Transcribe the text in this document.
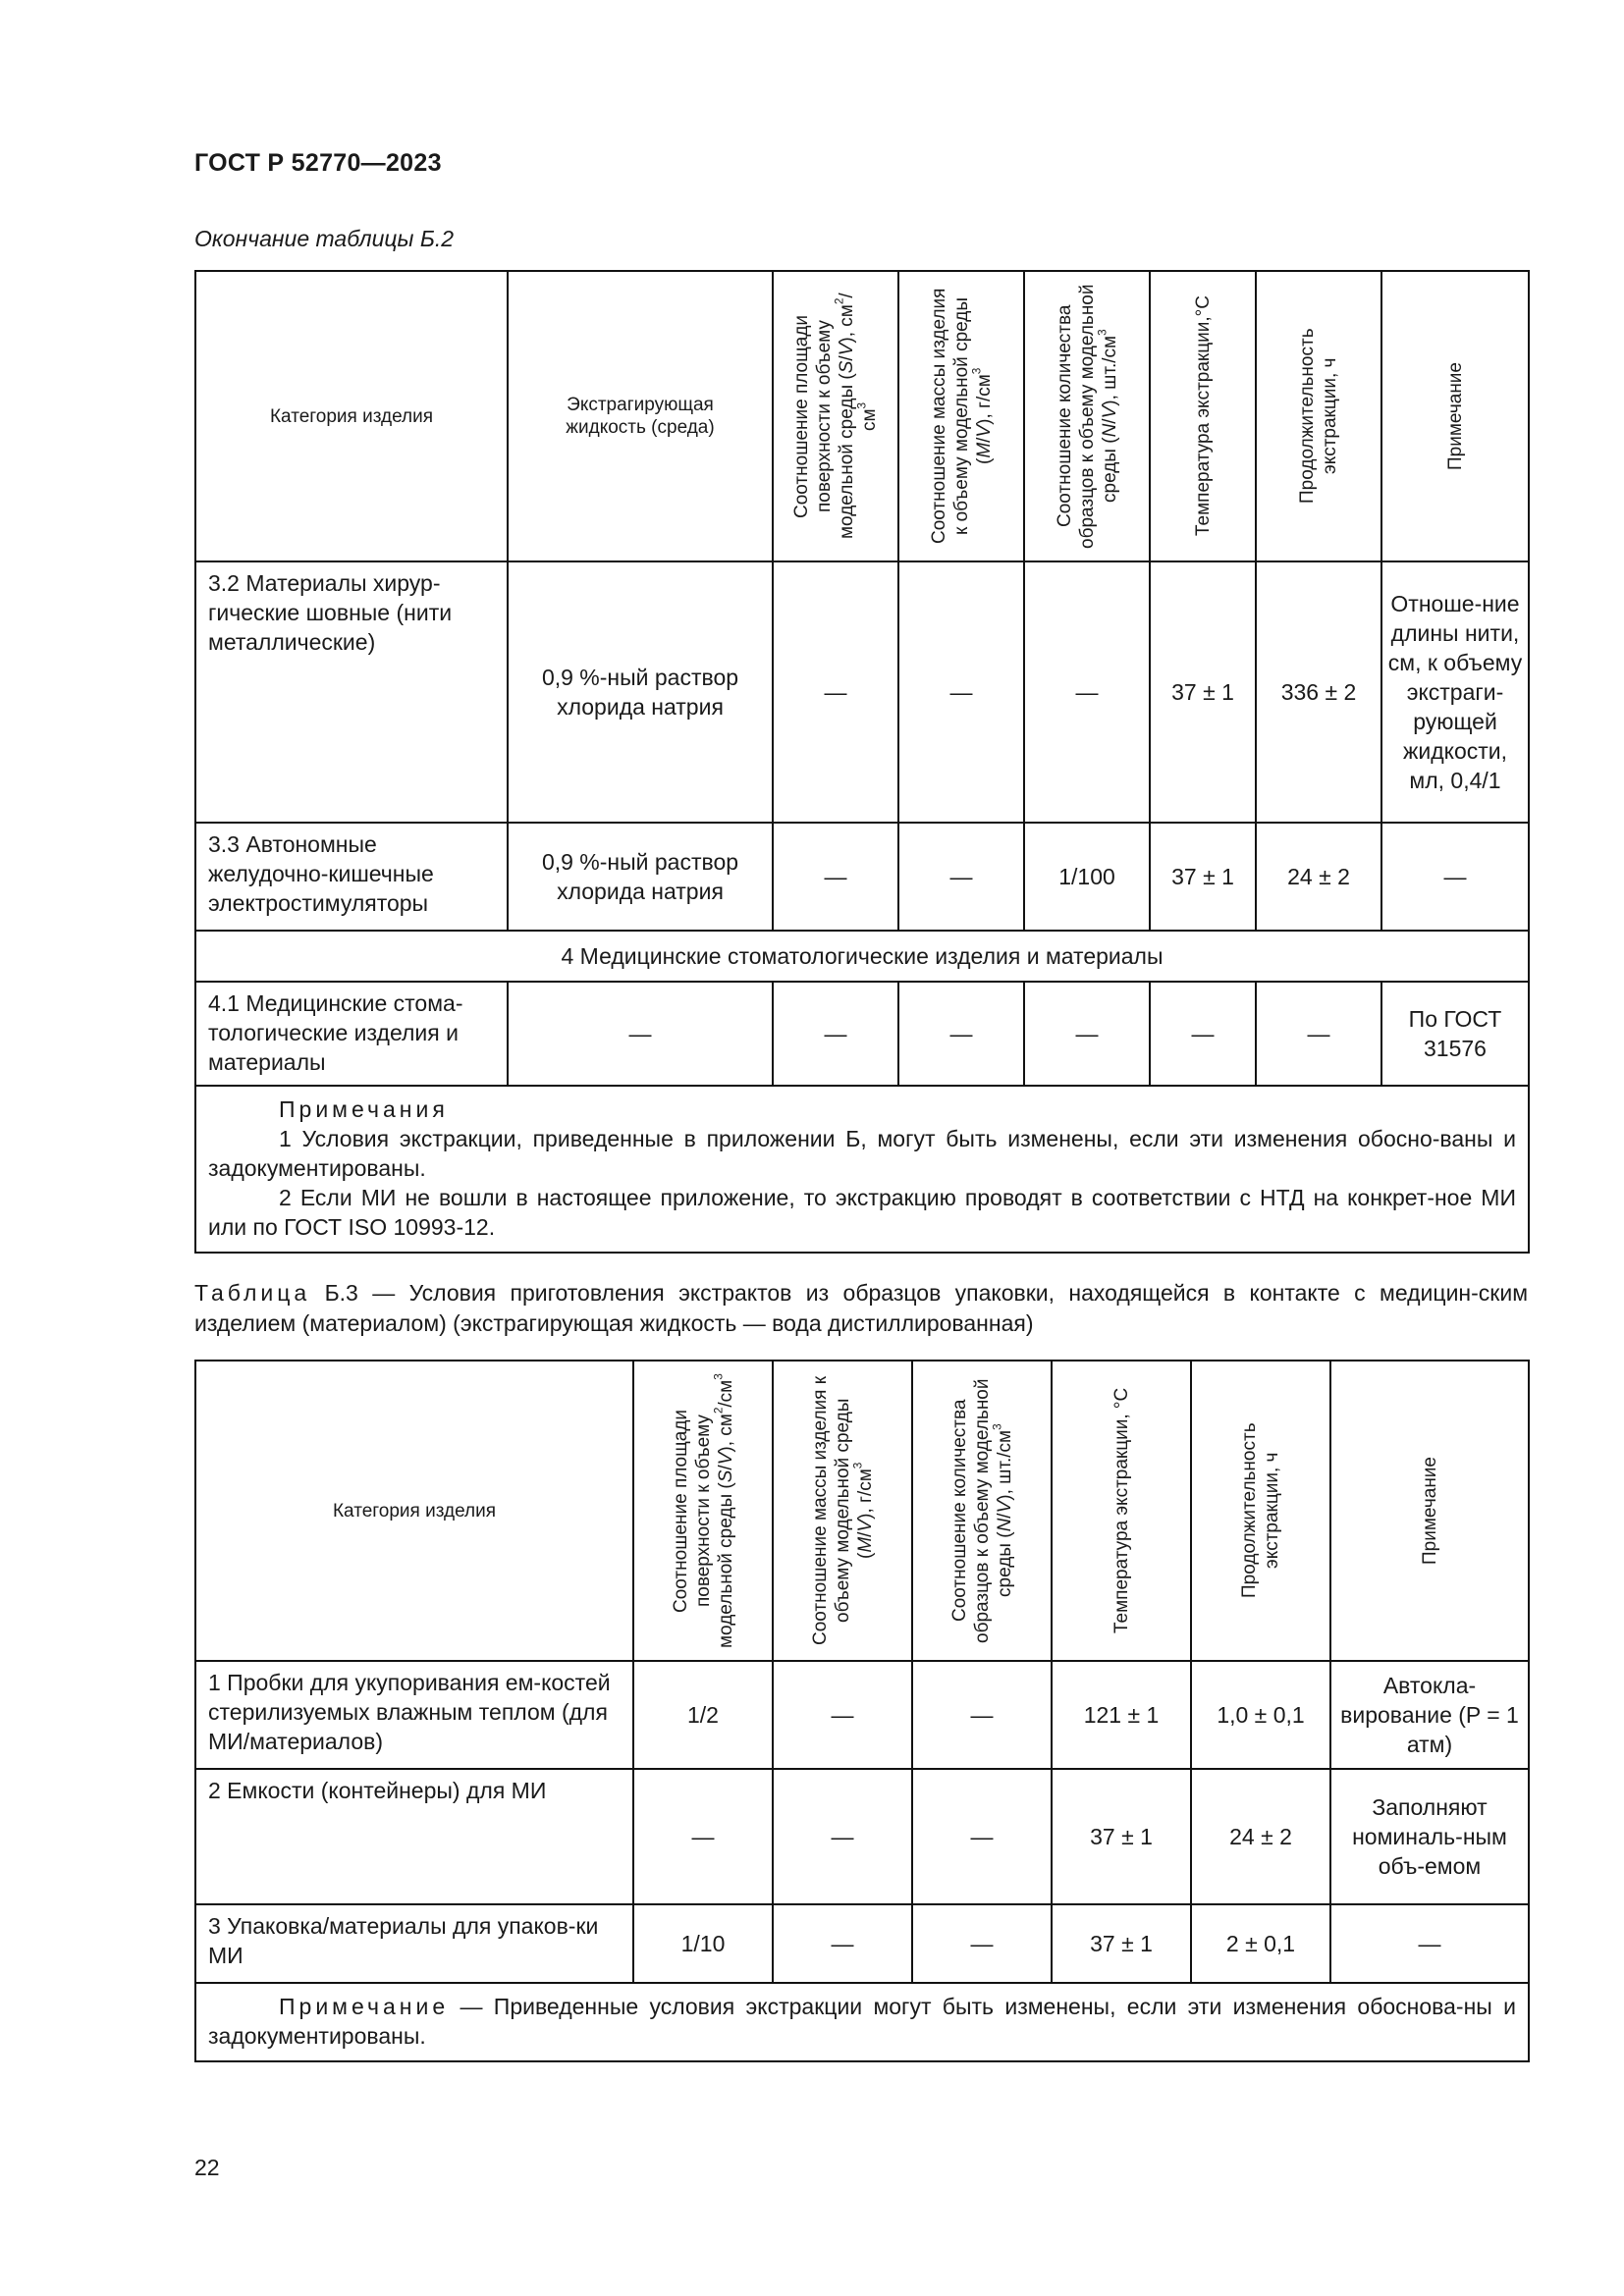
ГОСТ Р 52770—2023
Окончание таблицы Б.2
Категория изделия	Экстрагирующая жидкость (среда)	Соотношение площади поверхности к объему модельной среды (S/V), $см^2/см^3$	Соотношение массы изделия к объему модельной среды (M/V), $г/см^3$	Соотношение количества образцов к объему модельной среды (N/V), $шт./см^3$	Температура экстракции,°С	Продолжительность экстракции, ч	Примечание

3.2 Материалы хирур-гические шовные (нити металлические)	0,9 %-ный раствор хлорида натрия	—	—	—	37 ± 1	336 ± 2	Отноше-ние длины нити, см, к объему экстраги-рующей жидкости, мл, 0,4/1
3.3 Автономные желудочно-кишечные электростимуляторы	0,9 %-ный раствор хлорида натрия	—	—	1/100	37 ± 1	24 ± 2	—
4 Медицинские стоматологические изделия и материалы							
4.1 Медицинские стома-тологические изделия и материалы	—	—	—	—	—	—	По ГОСТ 31576

Примечания
1 Условия экстракции, приведенные в приложении Б, могут быть изменены, если эти изменения обосно-ваны и задокументированы.
2 Если МИ не вошли в настоящее приложение, то экстракцию проводят в соответствии с НТД на конкрет-ное МИ или по ГОСТ ISO 10993-12.							
Таблица Б.3 — Условия приготовления экстрактов из образцов упаковки, находящейся в контакте с медицин-ским изделием (материалом) (экстрагирующая жидкость — вода дистиллированная)
Категория изделия	Соотношение площади поверхности к объему модельной среды (S/V), $см^2/см^3$	Соотношение массы изделия к объему модельной среды (M/V), $г/см^3$	Соотношение количества образцов к объему модельной среды (N/V), $шт./см^3$	Температура экстракции, °С	Продолжительность экстракции, ч	Примечание

1 Пробки для укупоривания ем-костей стерилизуемых влажным теплом (для МИ/материалов)	1/2	—	—	121 ± 1	1,0 ± 0,1	Автокла-вирование (P = 1 атм)
2 Емкости (контейнеры) для МИ	—	—	—	37 ± 1	24 ± 2	Заполняют номиналь-ным объ-емом
3 Упаковка/материалы для упаков-ки МИ	1/10	—	—	37 ± 1	2 ± 0,1	—

Примечание — Приведенные условия экстракции могут быть изменены, если эти изменения обоснова-ны и задокументированы.						
22
